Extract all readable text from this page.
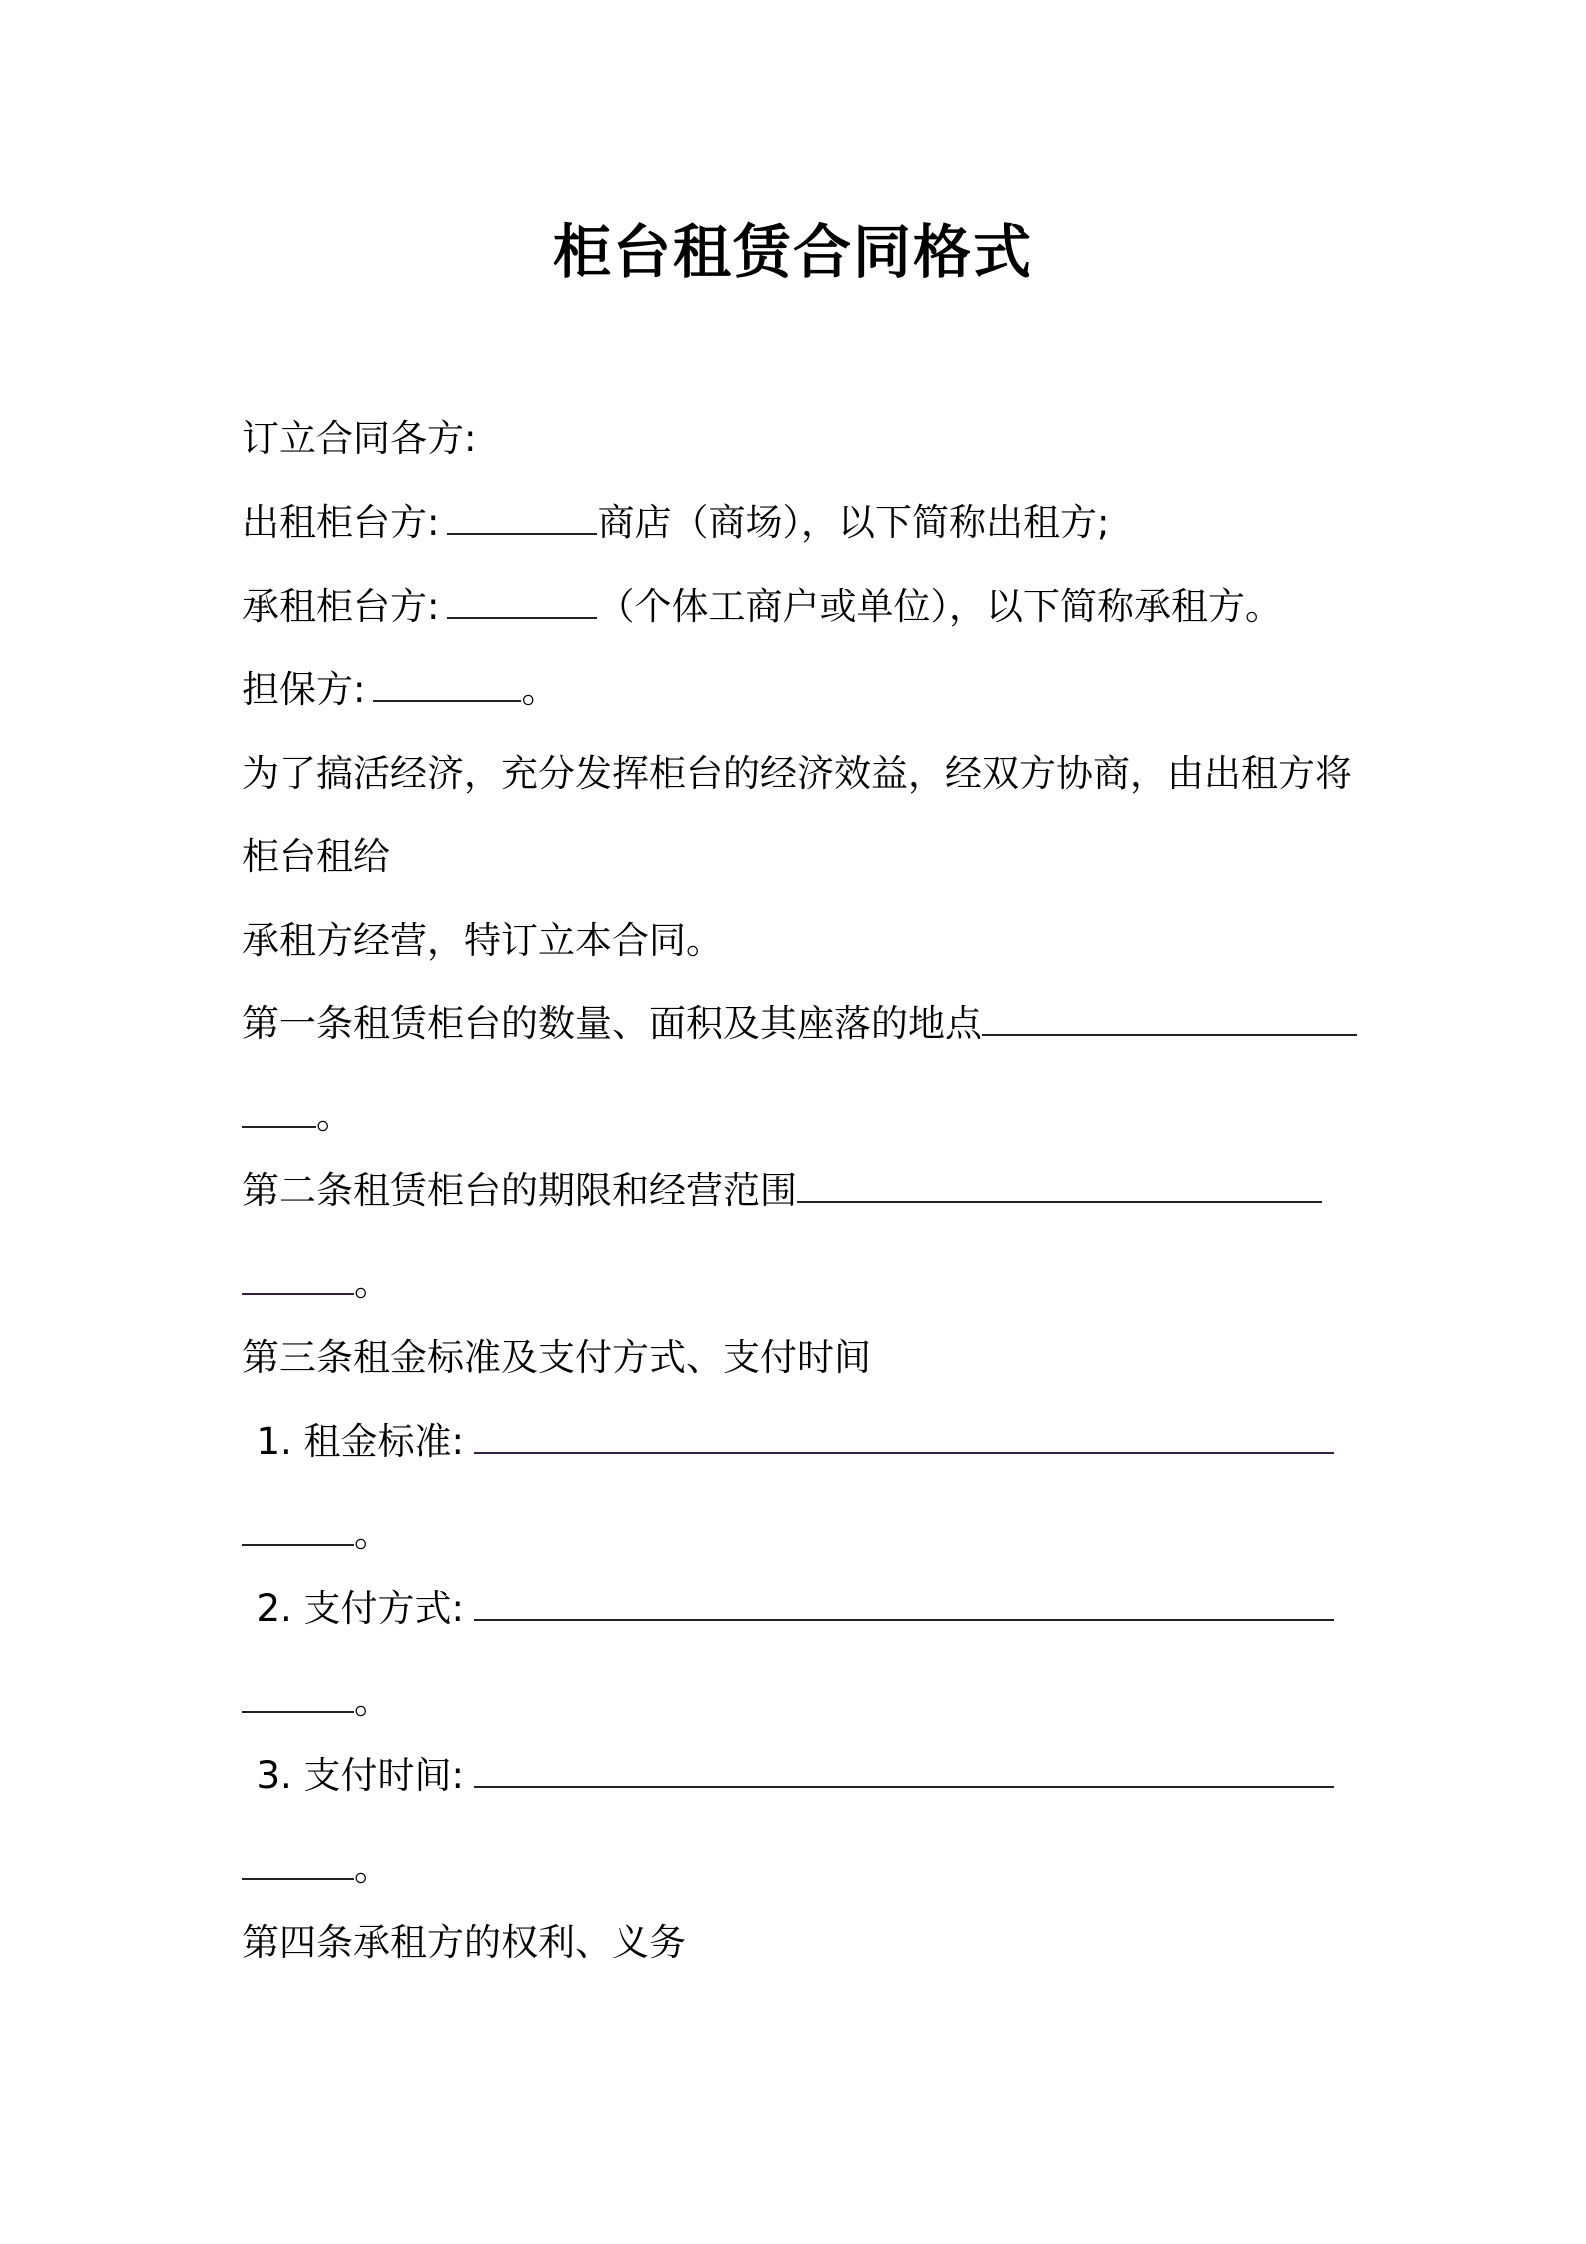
柜台租赁合同格式
订立合同各方:
出租柜台方:	商店（商场），以下简称出租方;
承租柜台方:	（个体工商户或单位），以下简称承租方。
担保方:	。
为了搞活经济，充分发挥柜台的经济效益，经双方协商，由出租方将
柜台租给
承租方经营，特订立本合同。
第一条租赁柜台的数量、面积及其座落的地点
。
第二条租赁柜台的期限和经营范围
。
第三条租金标准及支付方式、支付时间
1. 租金标准:
。
2. 支付方式:
。
3. 支付时间:
。
第四条承租方的权利、义务
